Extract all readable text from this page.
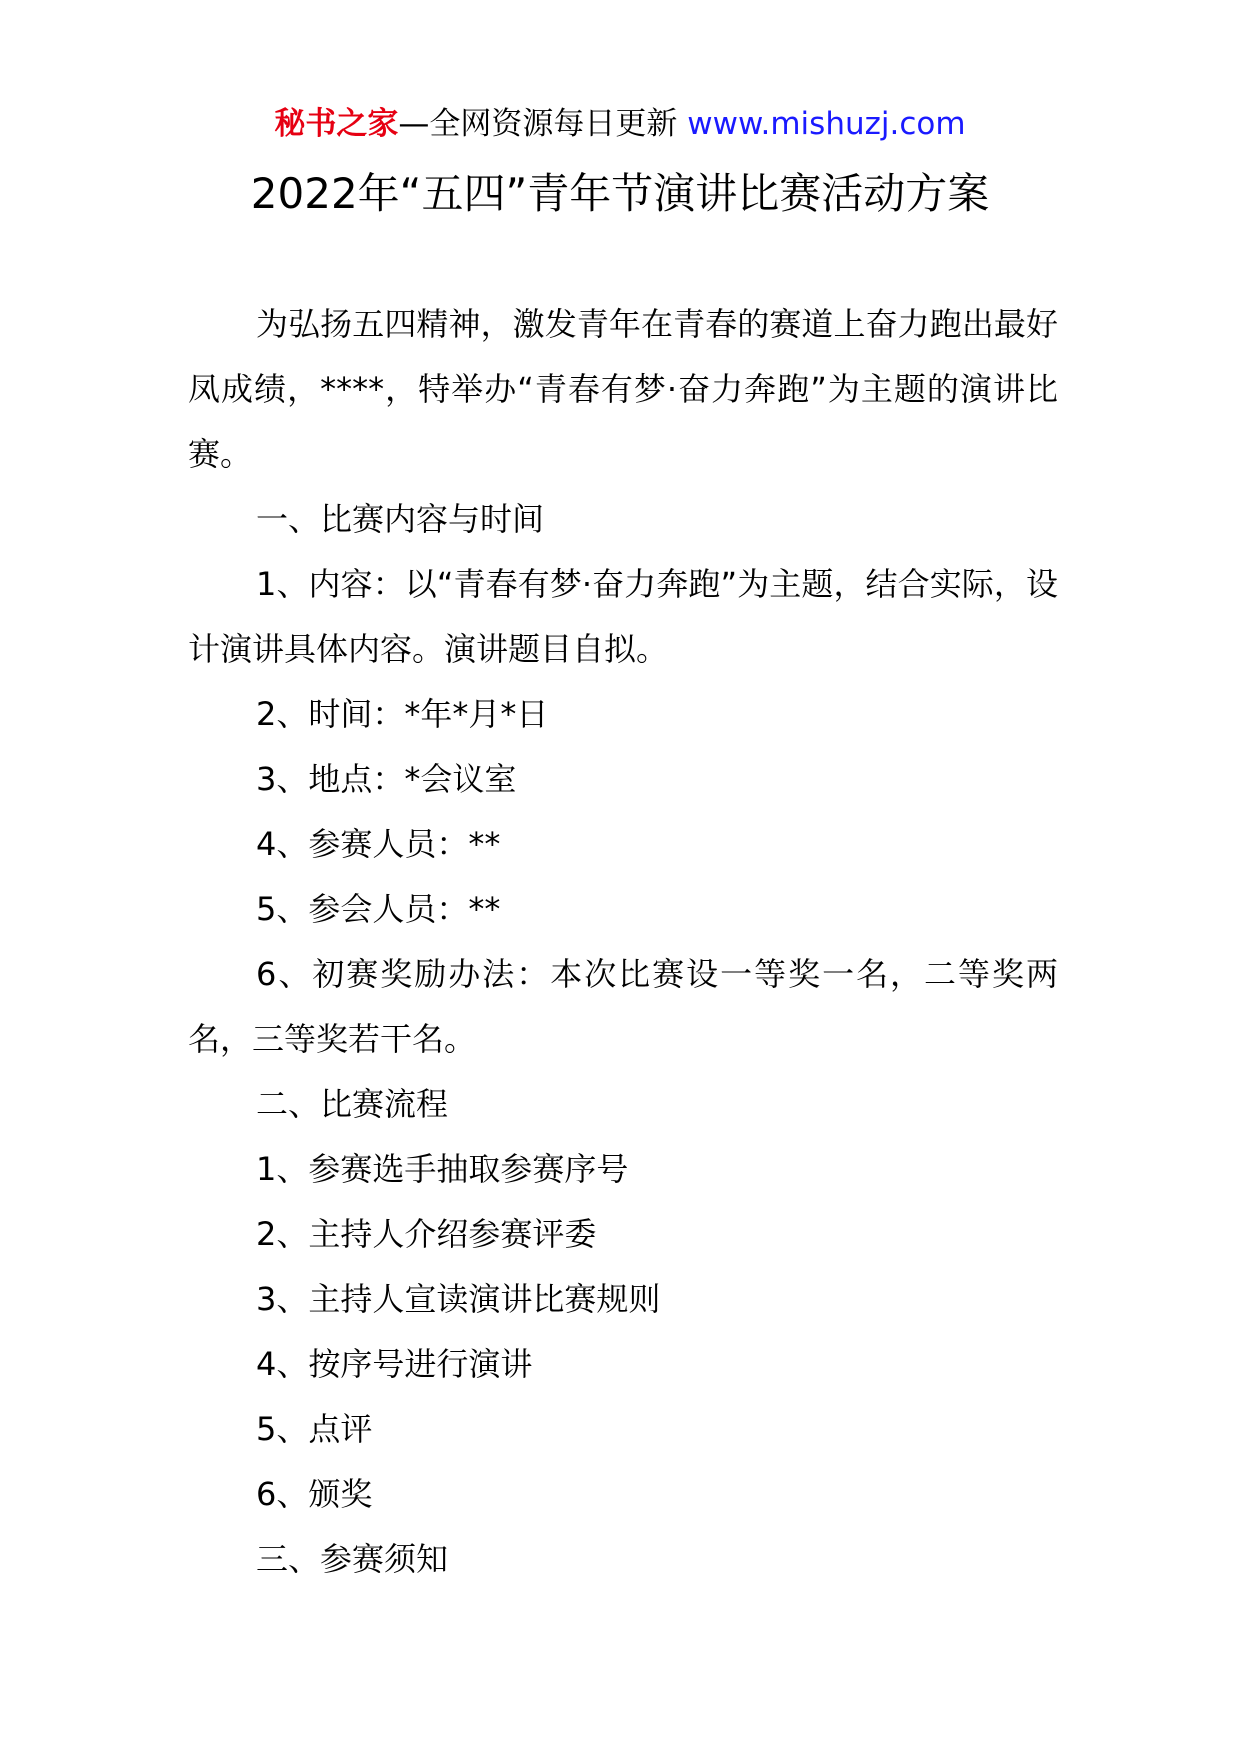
秘书之家—全网资源每日更新 www.mishuzj.com
2022年“五四”青年节演讲比赛活动方案

为弘扬五四精神，激发青年在青春的赛道上奋力跑出最好凤成绩，****，特举办“青春有梦·奋力奔跑”为主题的演讲比赛。

一、比赛内容与时间

1、内容：以“青春有梦·奋力奔跑”为主题，结合实际，设计演讲具体内容。演讲题目自拟。

2、时间：*年*月*日

3、地点：*会议室

4、参赛人员：**

5、参会人员：**

6、初赛奖励办法：本次比赛设一等奖一名，二等奖两名，三等奖若干名。

二、比赛流程

1、参赛选手抽取参赛序号

2、主持人介绍参赛评委

3、主持人宣读演讲比赛规则

4、按序号进行演讲

5、点评

6、颁奖

三、参赛须知
